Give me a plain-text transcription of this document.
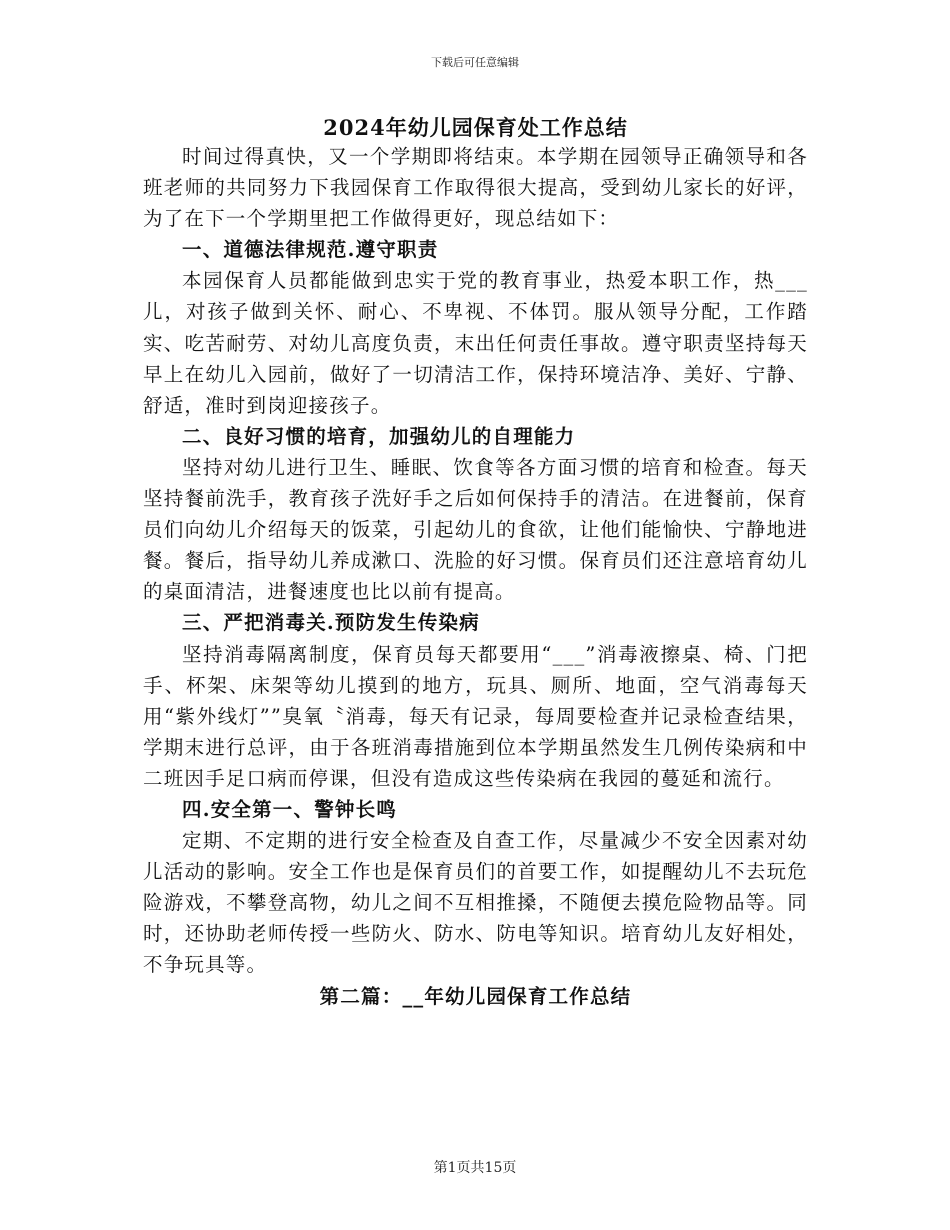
下载后可任意编辑
2024年幼儿园保育处工作总结

时间过得真快，又一个学期即将结束。本学期在园领导正确领导和各班老师的共同努力下我园保育工作取得很大提高，受到幼儿家长的好评，为了在下一个学期里把工作做得更好，现总结如下：

一、道德法律规范.遵守职责

本园保育人员都能做到忠实于党的教育事业，热爱本职工作，热___儿，对孩子做到关怀、耐心、不卑视、不体罚。服从领导分配，工作踏实、吃苦耐劳、对幼儿高度负责，末出任何责任事故。遵守职责坚持每天早上在幼儿入园前，做好了一切清洁工作，保持环境洁净、美好、宁静、舒适，准时到岗迎接孩子。

二、良好习惯的培育，加强幼儿的自理能力

坚持对幼儿进行卫生、睡眠、饮食等各方面习惯的培育和检查。每天坚持餐前洗手，教育孩子洗好手之后如何保持手的清洁。在进餐前，保育员们向幼儿介绍每天的饭菜，引起幼儿的食欲，让他们能愉快、宁静地进餐。餐后，指导幼儿养成漱口、洗脸的好习惯。保育员们还注意培育幼儿的桌面清洁，进餐速度也比以前有提高。

三、严把消毒关.预防发生传染病

坚持消毒隔离制度，保育员每天都要用“___”消毒液擦桌、椅、门把手、杯架、床架等幼儿摸到的地方，玩具、厕所、地面，空气消毒每天用“紫外线灯””臭氧〝消毒，每天有记录，每周要检查并记录检查结果，学期末进行总评，由于各班消毒措施到位本学期虽然发生几例传染病和中二班因手足口病而停课，但没有造成这些传染病在我园的蔓延和流行。

四.安全第一、警钟长鸣

定期、不定期的进行安全检查及自查工作，尽量减少不安全因素对幼儿活动的影响。安全工作也是保育员们的首要工作，如提醒幼儿不去玩危险游戏，不攀登高物，幼儿之间不互相推搡，不随便去摸危险物品等。同时，还协助老师传授一些防火、防水、防电等知识。培育幼儿友好相处，不争玩具等。

第二篇：__年幼儿园保育工作总结

第1页共15页
